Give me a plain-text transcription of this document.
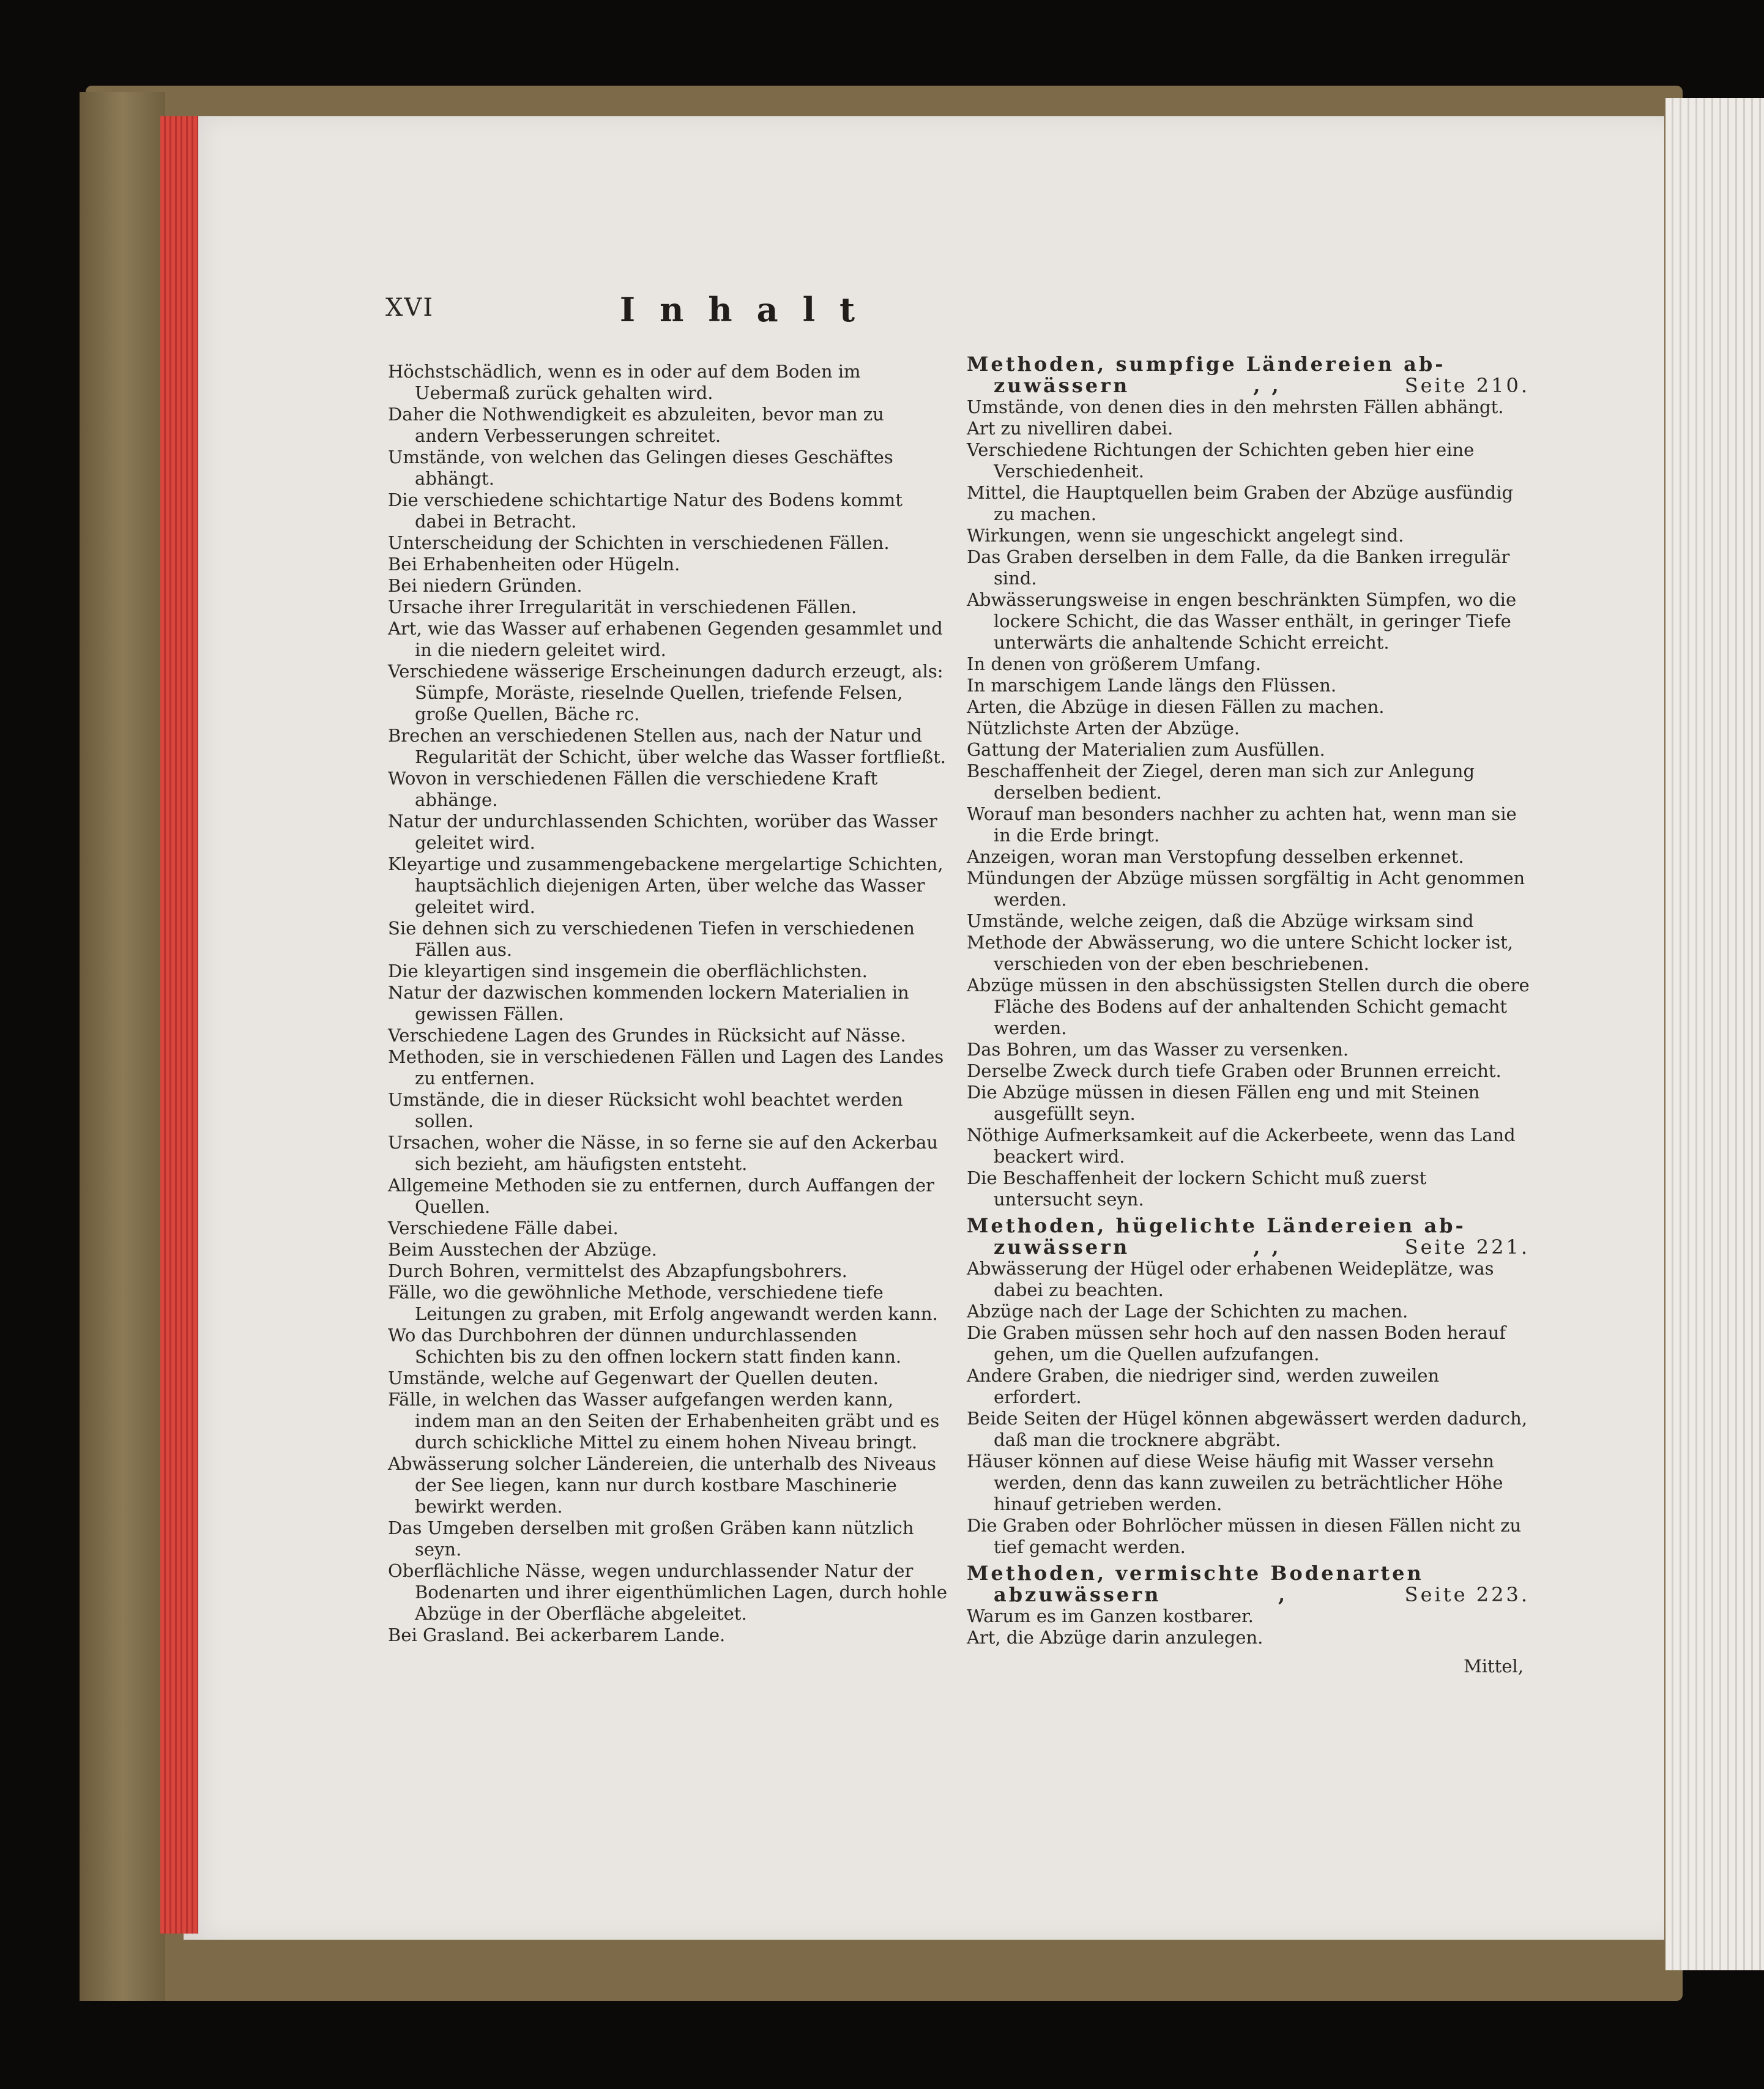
XVI	Inhalt

Höchstschädlich, wenn es in oder auf dem Boden im Uebermaß zurück gehalten wird.

Daher die Nothwendigkeit es abzuleiten, bevor man zu andern Verbesserungen schreitet.

Umstände, von welchen das Gelingen dieses Geschäftes abhängt.

Die verschiedene schichtartige Natur des Bodens kommt dabei in Betracht.

Unterscheidung der Schichten in verschiedenen Fällen.

Bei Erhabenheiten oder Hügeln.

Bei niedern Gründen.

Ursache ihrer Irregularität in verschiedenen Fällen.

Art, wie das Wasser auf erhabenen Gegenden gesammlet und in die niedern geleitet wird.

Verschiedene wässerige Erscheinungen dadurch erzeugt, als: Sümpfe, Moräste, rieselnde Quellen, triefende Felsen, große Quellen, Bäche rc.

Brechen an verschiedenen Stellen aus, nach der Natur und Regularität der Schicht, über welche das Wasser fortfließt.

Wovon in verschiedenen Fällen die verschiedene Kraft abhänge.

Natur der undurchlassenden Schichten, worüber das Wasser geleitet wird.

Kleyartige und zusammengebackene mergelartige Schichten, hauptsächlich diejenigen Arten, über welche das Wasser geleitet wird.

Sie dehnen sich zu verschiedenen Tiefen in verschiedenen Fällen aus.

Die kleyartigen sind insgemein die oberflächlichsten.

Natur der dazwischen kommenden lockern Materialien in gewissen Fällen.

Verschiedene Lagen des Grundes in Rücksicht auf Nässe.

Methoden, sie in verschiedenen Fällen und Lagen des Landes zu entfernen.

Umstände, die in dieser Rücksicht wohl beachtet werden sollen.

Ursachen, woher die Nässe, in so ferne sie auf den Ackerbau sich bezieht, am häufigsten entsteht.

Allgemeine Methoden sie zu entfernen, durch Auffangen der Quellen.

Verschiedene Fälle dabei.

Beim Ausstechen der Abzüge.

Durch Bohren, vermittelst des Abzapfungsbohrers.

Fälle, wo die gewöhnliche Methode, verschiedene tiefe Leitungen zu graben, mit Erfolg angewandt werden kann.

Wo das Durchbohren der dünnen undurchlassenden Schichten bis zu den offnen lockern statt finden kann.

Umstände, welche auf Gegenwart der Quellen deuten.

Fälle, in welchen das Wasser aufgefangen werden kann, indem man an den Seiten der Erhabenheiten gräbt und es durch schickliche Mittel zu einem hohen Niveau bringt.

Abwässerung solcher Ländereien, die unterhalb des Niveaus der See liegen, kann nur durch kostbare Maschinerie bewirkt werden.

Das Umgeben derselben mit großen Gräben kann nützlich seyn.

Oberflächliche Nässe, wegen undurchlassender Natur der Bodenarten und ihrer eigenthümlichen Lagen, durch hohle Abzüge in der Oberfläche abgeleitet.

Bei Grasland. Bei ackerbarem Lande.

Methoden, sumpfige Ländereien ab-
zuwässern	, ,	Seite 210.

Umstände, von denen dies in den mehrsten Fällen abhängt.

Art zu nivelliren dabei.

Verschiedene Richtungen der Schichten geben hier eine Verschiedenheit.

Mittel, die Hauptquellen beim Graben der Abzüge ausfündig zu machen.

Wirkungen, wenn sie ungeschickt angelegt sind.

Das Graben derselben in dem Falle, da die Banken irregulär sind.

Abwässerungsweise in engen beschränkten Sümpfen, wo die lockere Schicht, die das Wasser enthält, in geringer Tiefe unterwärts die anhaltende Schicht erreicht.

In denen von größerem Umfang.

In marschigem Lande längs den Flüssen.

Arten, die Abzüge in diesen Fällen zu machen.

Nützlichste Arten der Abzüge.

Gattung der Materialien zum Ausfüllen.

Beschaffenheit der Ziegel, deren man sich zur Anlegung derselben bedient.

Worauf man besonders nachher zu achten hat, wenn man sie in die Erde bringt.

Anzeigen, woran man Verstopfung desselben erkennet.

Mündungen der Abzüge müssen sorgfältig in Acht genommen werden.

Umstände, welche zeigen, daß die Abzüge wirksam sind

Methode der Abwässerung, wo die untere Schicht locker ist, verschieden von der eben beschriebenen.

Abzüge müssen in den abschüssigsten Stellen durch die obere Fläche des Bodens auf der anhaltenden Schicht gemacht werden.

Das Bohren, um das Wasser zu versenken.

Derselbe Zweck durch tiefe Graben oder Brunnen erreicht.

Die Abzüge müssen in diesen Fällen eng und mit Steinen ausgefüllt seyn.

Nöthige Aufmerksamkeit auf die Ackerbeete, wenn das Land beackert wird.

Die Beschaffenheit der lockern Schicht muß zuerst untersucht seyn.

Methoden, hügelichte Ländereien ab-
zuwässern	, ,	Seite 221.

Abwässerung der Hügel oder erhabenen Weideplätze, was dabei zu beachten.

Abzüge nach der Lage der Schichten zu machen.

Die Graben müssen sehr hoch auf den nassen Boden herauf gehen, um die Quellen aufzufangen.

Andere Graben, die niedriger sind, werden zuweilen erfordert.

Beide Seiten der Hügel können abgewässert werden dadurch, daß man die trocknere abgräbt.

Häuser können auf diese Weise häufig mit Wasser versehn werden, denn das kann zuweilen zu beträchtlicher Höhe hinauf getrieben werden.

Die Graben oder Bohrlöcher müssen in diesen Fällen nicht zu tief gemacht werden.

Methoden, vermischte Bodenarten
abzuwässern	,	Seite 223.

Warum es im Ganzen kostbarer.

Art, die Abzüge darin anzulegen.

Mittel,
